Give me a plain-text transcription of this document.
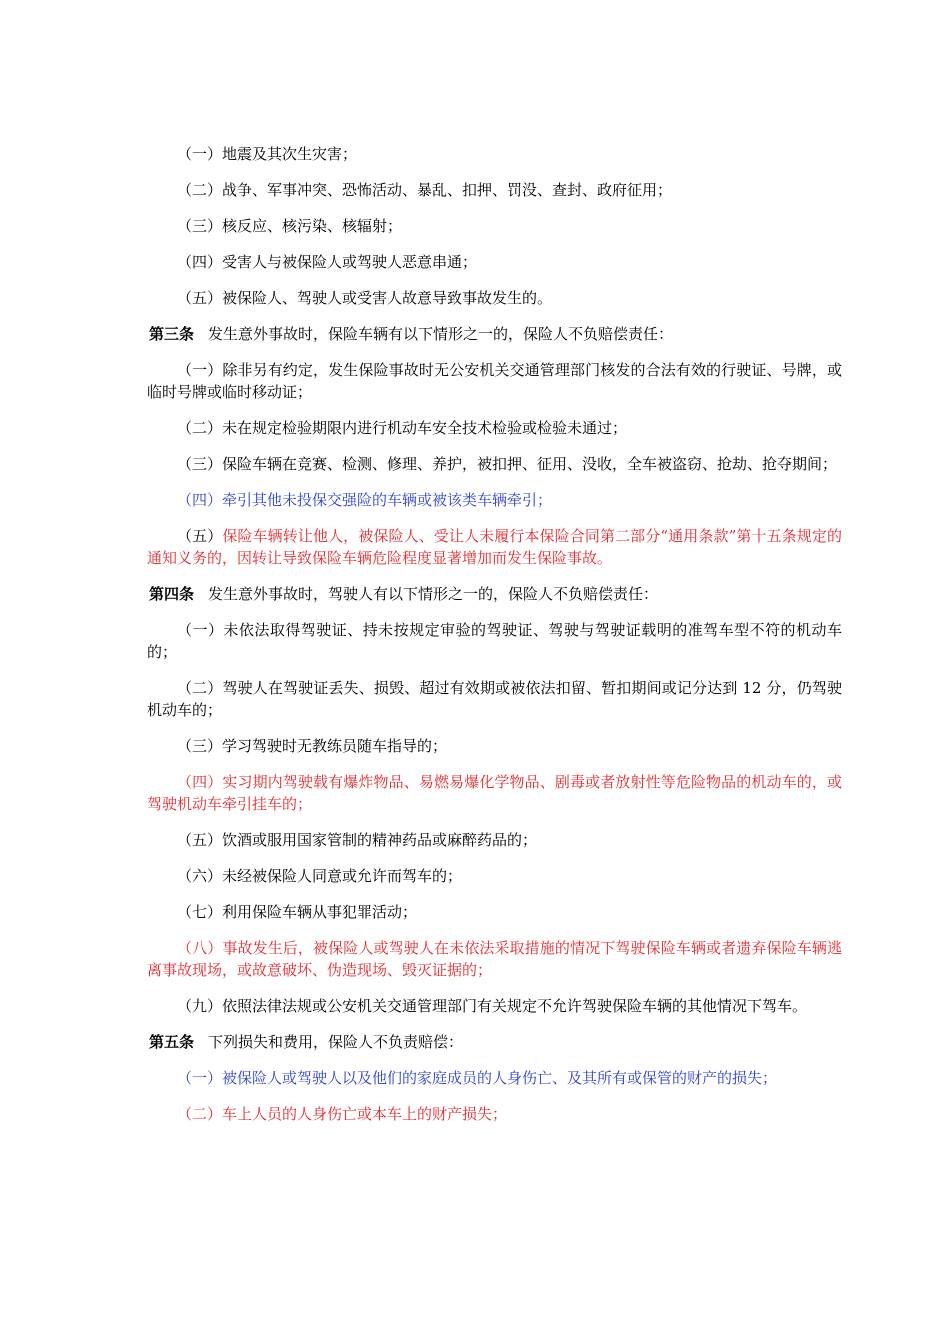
（一）地震及其次生灾害；

（二）战争、军事冲突、恐怖活动、暴乱、扣押、罚没、查封、政府征用；

（三）核反应、核污染、核辐射；

（四）受害人与被保险人或驾驶人恶意串通；

（五）被保险人、驾驶人或受害人故意导致事故发生的。

第三条 发生意外事故时，保险车辆有以下情形之一的，保险人不负赔偿责任：

（一）除非另有约定，发生保险事故时无公安机关交通管理部门核发的合法有效的行驶证、号牌，或临时号牌或临时移动证；

（二）未在规定检验期限内进行机动车安全技术检验或检验未通过；

（三）保险车辆在竞赛、检测、修理、养护，被扣押、征用、没收，全车被盗窃、抢劫、抢夺期间；

（四）牵引其他未投保交强险的车辆或被该类车辆牵引；

（五）保险车辆转让他人，被保险人、受让人未履行本保险合同第二部分“通用条款”第十五条规定的通知义务的，因转让导致保险车辆危险程度显著增加而发生保险事故。

第四条 发生意外事故时，驾驶人有以下情形之一的，保险人不负赔偿责任：

（一）未依法取得驾驶证、持未按规定审验的驾驶证、驾驶与驾驶证载明的准驾车型不符的机动车的；

（二）驾驶人在驾驶证丢失、损毁、超过有效期或被依法扣留、暂扣期间或记分达到 12 分，仍驾驶机动车的；

（三）学习驾驶时无教练员随车指导的；

（四）实习期内驾驶载有爆炸物品、易燃易爆化学物品、剧毒或者放射性等危险物品的机动车的，或驾驶机动车牵引挂车的；

（五）饮酒或服用国家管制的精神药品或麻醉药品的；

（六）未经被保险人同意或允许而驾车的；

（七）利用保险车辆从事犯罪活动；

（八）事故发生后，被保险人或驾驶人在未依法采取措施的情况下驾驶保险车辆或者遗弃保险车辆逃离事故现场，或故意破坏、伪造现场、毁灭证据的；

（九）依照法律法规或公安机关交通管理部门有关规定不允许驾驶保险车辆的其他情况下驾车。

第五条 下列损失和费用，保险人不负责赔偿：

（一）被保险人或驾驶人以及他们的家庭成员的人身伤亡、及其所有或保管的财产的损失；

（二）车上人员的人身伤亡或本车上的财产损失；
